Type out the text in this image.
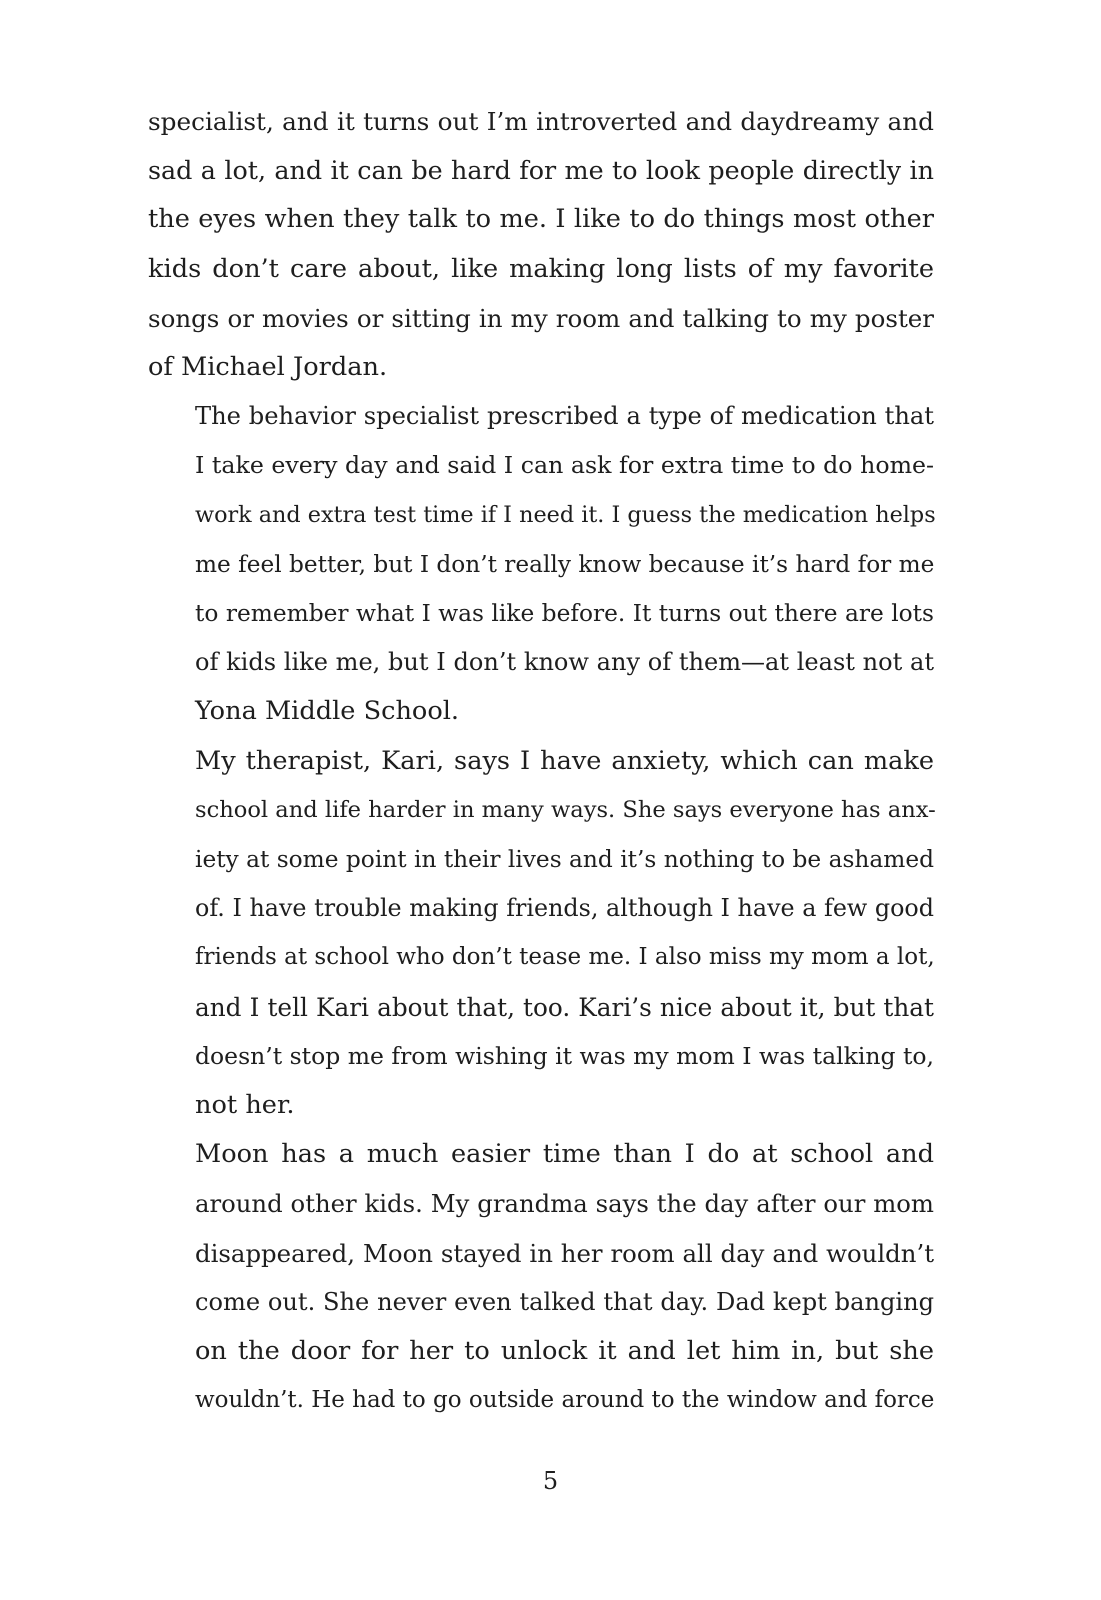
specialist, and it turns out I’m introverted and daydreamy and
sad a lot, and it can be hard for me to look people directly in
the eyes when they talk to me. I like to do things most other
kids don’t care about, like making long lists of my favorite
songs or movies or sitting in my room and talking to my poster
of Michael Jordan.

The behavior specialist prescribed a type of medication that
I take every day and said I can ask for extra time to do home-
work and extra test time if I need it. I guess the medication helps
me feel better, but I don’t really know because it’s hard for me
to remember what I was like before. It turns out there are lots
of kids like me, but I don’t know any of them—at least not at
Yona Middle School.

My therapist, Kari, says I have anxiety, which can make
school and life harder in many ways. She says everyone has anx-
iety at some point in their lives and it’s nothing to be ashamed
of. I have trouble making friends, although I have a few good
friends at school who don’t tease me. I also miss my mom a lot,
and I tell Kari about that, too. Kari’s nice about it, but that
doesn’t stop me from wishing it was my mom I was talking to,
not her.

Moon has a much easier time than I do at school and
around other kids. My grandma says the day after our mom
disappeared, Moon stayed in her room all day and wouldn’t
come out. She never even talked that day. Dad kept banging
on the door for her to unlock it and let him in, but she
wouldn’t. He had to go outside around to the window and force

5
